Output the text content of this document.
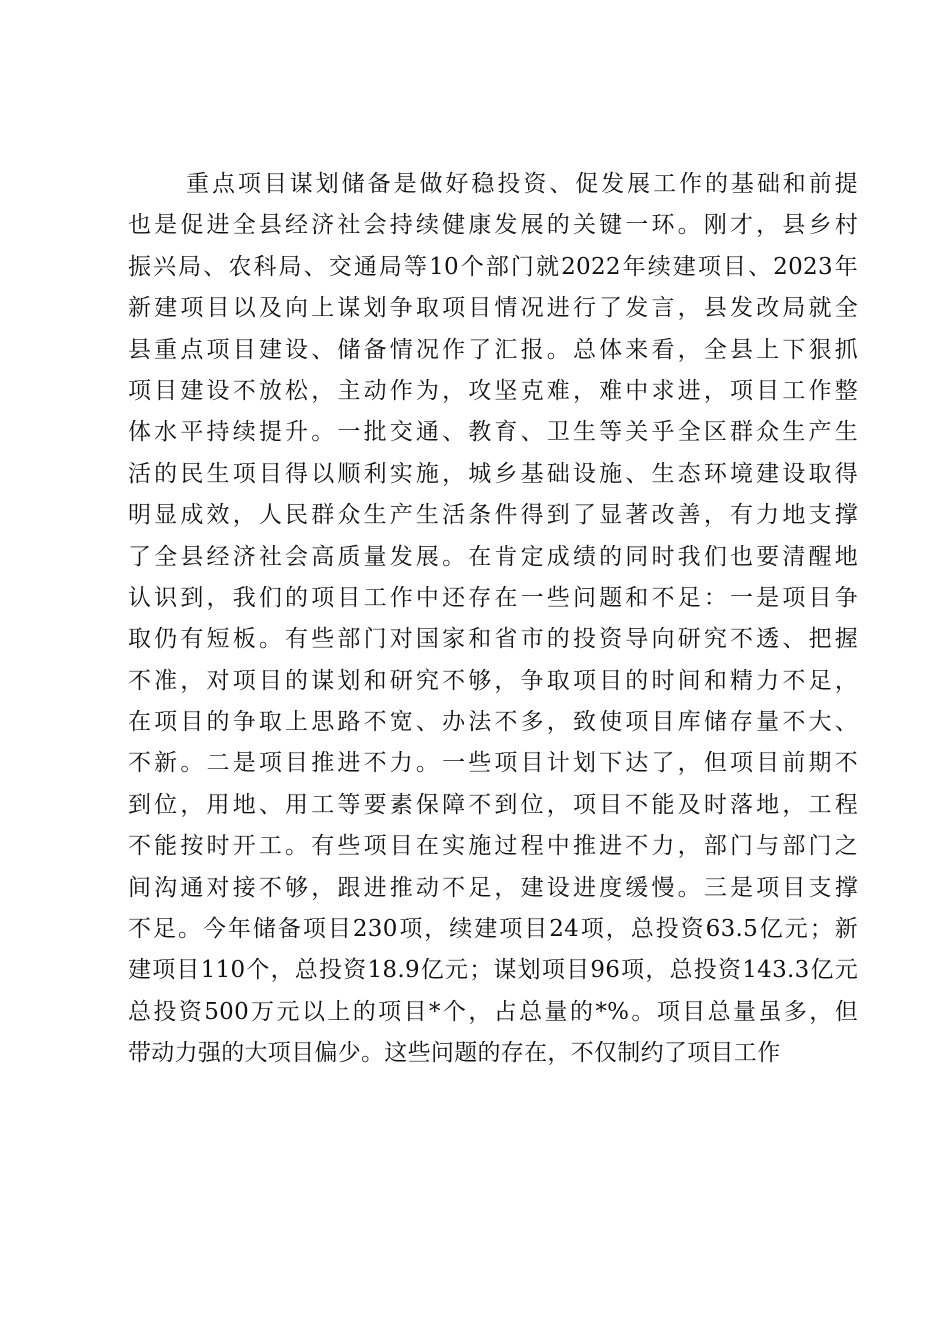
重点项目谋划储备是做好稳投资、促发展工作的基础和前提
也是促进全县经济社会持续健康发展的关键一环。刚才，县乡村
振兴局、农科局、交通局等10个部门就2022年续建项目、2023年
新建项目以及向上谋划争取项目情况进行了发言，县发改局就全
县重点项目建设、储备情况作了汇报。总体来看，全县上下狠抓
项目建设不放松，主动作为，攻坚克难，难中求进，项目工作整
体水平持续提升。一批交通、教育、卫生等关乎全区群众生产生
活的民生项目得以顺利实施，城乡基础设施、生态环境建设取得
明显成效，人民群众生产生活条件得到了显著改善，有力地支撑
了全县经济社会高质量发展。在肯定成绩的同时我们也要清醒地
认识到，我们的项目工作中还存在一些问题和不足：一是项目争
取仍有短板。有些部门对国家和省市的投资导向研究不透、把握
不准，对项目的谋划和研究不够，争取项目的时间和精力不足，
在项目的争取上思路不宽、办法不多，致使项目库储存量不大、
不新。二是项目推进不力。一些项目计划下达了，但项目前期不
到位，用地、用工等要素保障不到位，项目不能及时落地，工程
不能按时开工。有些项目在实施过程中推进不力，部门与部门之
间沟通对接不够，跟进推动不足，建设进度缓慢。三是项目支撑
不足。今年储备项目230项，续建项目24项，总投资63.5亿元；新
建项目110个，总投资18.9亿元；谋划项目96项，总投资143.3亿元
总投资500万元以上的项目*个，占总量的*%。项目总量虽多，但
带动力强的大项目偏少。这些问题的存在，不仅制约了项目工作
